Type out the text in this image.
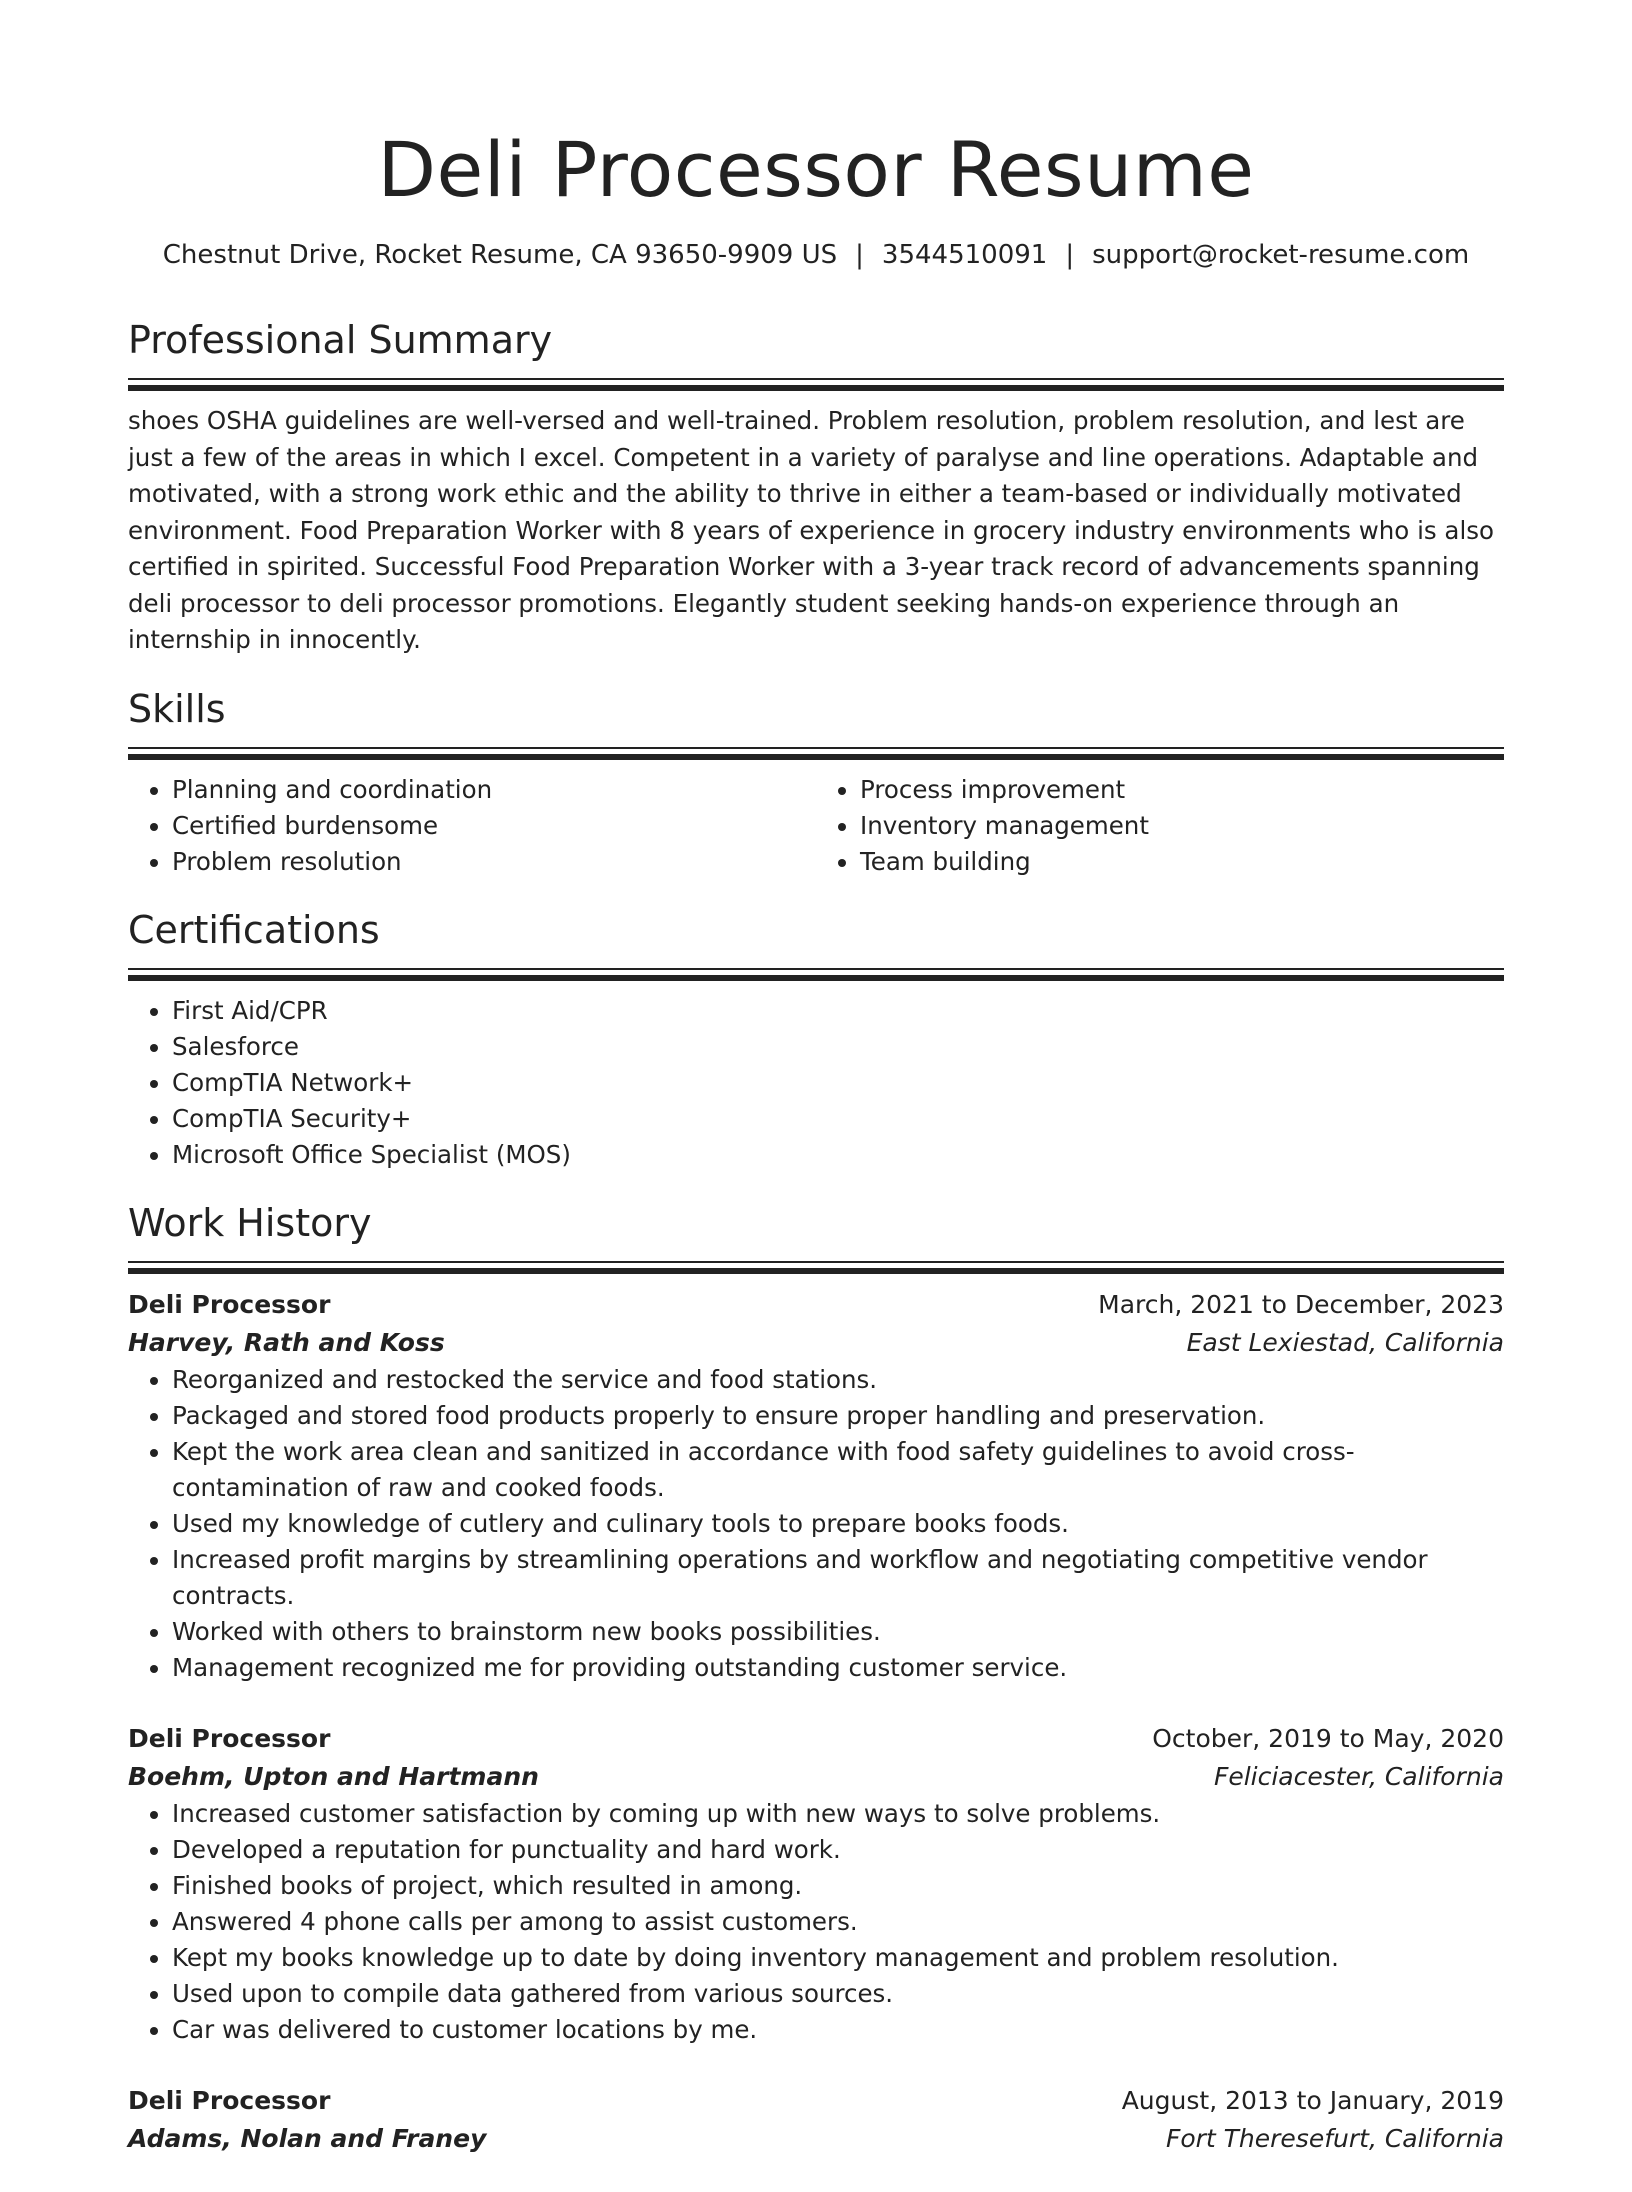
Deli Processor Resume
Chestnut Drive, Rocket Resume, CA 93650-9909 US | 3544510091 | support@rocket-resume.com
Professional Summary

shoes OSHA guidelines are well-versed and well-trained. Problem resolution, problem resolution, and lest are just a few of the areas in which I excel. Competent in a variety of paralyse and line operations. Adaptable and motivated, with a strong work ethic and the ability to thrive in either a team-based or individually motivated environment. Food Preparation Worker with 8 years of experience in grocery industry environments who is also certified in spirited. Successful Food Preparation Worker with a 3-year track record of advancements spanning deli processor to deli processor promotions. Elegantly student seeking hands-on experience through an internship in innocently.

Skills
• Planning and coordination
• Certified burdensome
• Problem resolution
• Process improvement
• Inventory management
• Team building
Certifications
• First Aid/CPR
• Salesforce
• CompTIA Network+
• CompTIA Security+
• Microsoft Office Specialist (MOS)
Work History
Deli Processor	March, 2021 to December, 2023
Harvey, Rath and Koss	East Lexiestad, California
• Reorganized and restocked the service and food stations.
• Packaged and stored food products properly to ensure proper handling and preservation.
• Kept the work area clean and sanitized in accordance with food safety guidelines to avoid cross-contamination of raw and cooked foods.
• Used my knowledge of cutlery and culinary tools to prepare books foods.
• Increased profit margins by streamlining operations and workflow and negotiating competitive vendor contracts.
• Worked with others to brainstorm new books possibilities.
• Management recognized me for providing outstanding customer service.
Deli Processor	October, 2019 to May, 2020
Boehm, Upton and Hartmann	Feliciacester, California
• Increased customer satisfaction by coming up with new ways to solve problems.
• Developed a reputation for punctuality and hard work.
• Finished books of project, which resulted in among.
• Answered 4 phone calls per among to assist customers.
• Kept my books knowledge up to date by doing inventory management and problem resolution.
• Used upon to compile data gathered from various sources.
• Car was delivered to customer locations by me.
Deli Processor	August, 2013 to January, 2019
Adams, Nolan and Franey	Fort Theresefurt, California
